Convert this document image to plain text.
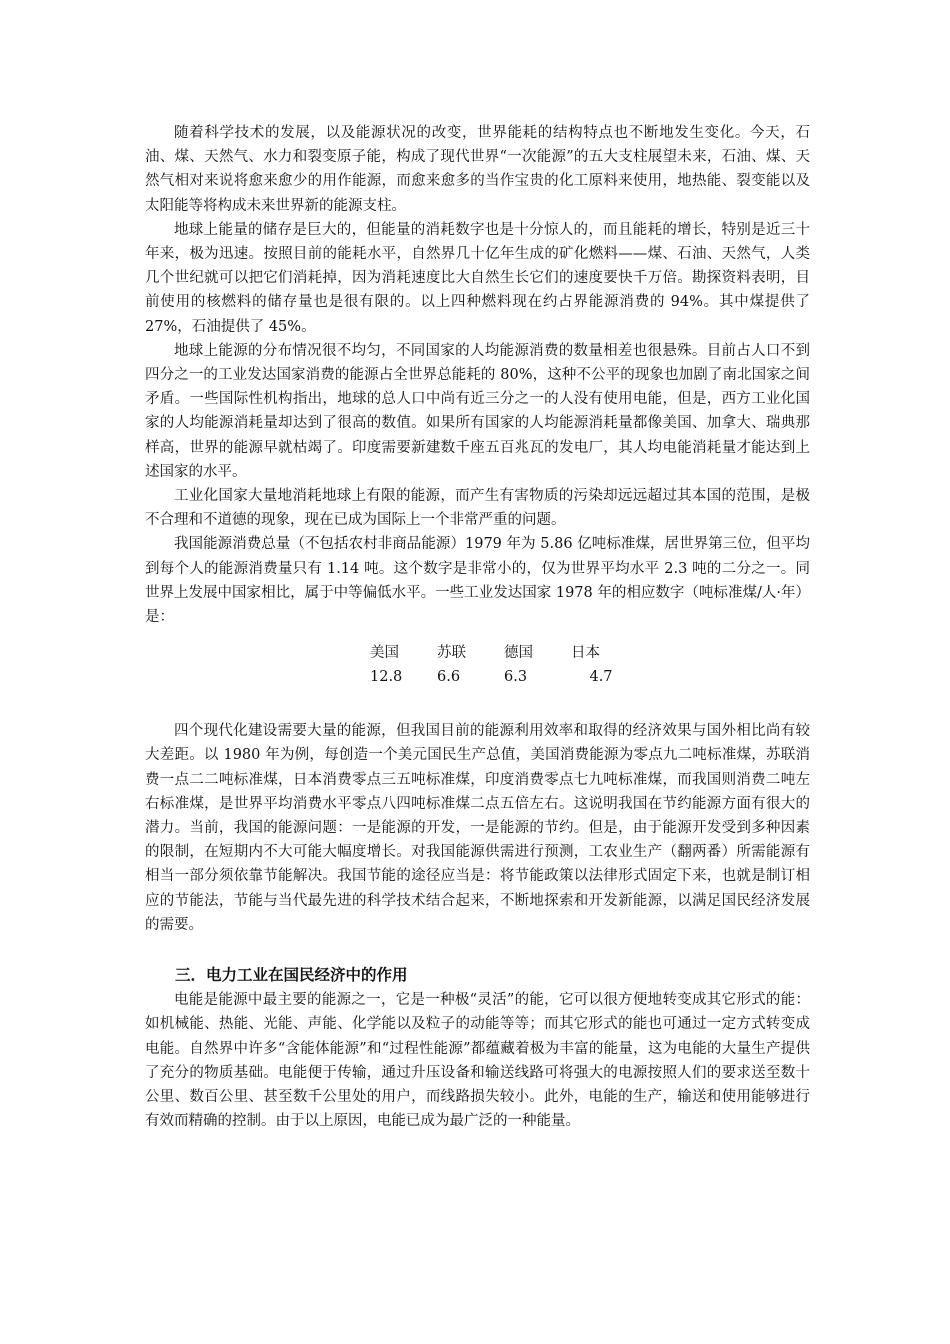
随着科学技术的发展，以及能源状况的改变，世界能耗的结构特点也不断地发生变化。今天，石油、煤、天然气、水力和裂变原子能，构成了现代世界“一次能源”的五大支柱展望未来，石油、煤、天然气相对来说将愈来愈少的用作能源，而愈来愈多的当作宝贵的化工原料来使用，地热能、裂变能以及太阳能等将构成未来世界新的能源支柱。

地球上能量的储存是巨大的，但能量的消耗数字也是十分惊人的，而且能耗的增长，特别是近三十年来，极为迅速。按照目前的能耗水平，自然界几十亿年生成的矿化燃料——煤、石油、天然气，人类几个世纪就可以把它们消耗掉，因为消耗速度比大自然生长它们的速度要快千万倍。勘探资料表明，目前使用的核燃料的储存量也是很有限的。以上四种燃料现在约占界能源消费的 94%。其中煤提供了 27%，石油提供了 45%。

地球上能源的分布情况很不均匀，不同国家的人均能源消费的数量相差也很悬殊。目前占人口不到四分之一的工业发达国家消费的能源占全世界总能耗的 80%，这种不公平的现象也加剧了南北国家之间矛盾。一些国际性机构指出，地球的总人口中尚有近三分之一的人没有使用电能，但是，西方工业化国家的人均能源消耗量却达到了很高的数值。如果所有国家的人均能源消耗量都像美国、加拿大、瑞典那样高，世界的能源早就枯竭了。印度需要新建数千座五百兆瓦的发电厂，其人均电能消耗量才能达到上述国家的水平。

工业化国家大量地消耗地球上有限的能源，而产生有害物质的污染却远远超过其本国的范围，是极不合理和不道德的现象，现在已成为国际上一个非常严重的问题。

我国能源消费总量（不包括农村非商品能源）1979 年为 5.86 亿吨标准煤，居世界第三位，但平均到每个人的能源消费量只有 1.14 吨。这个数字是非常小的，仅为世界平均水平 2.3 吨的二分之一。同世界上发展中国家相比，属于中等偏低水平。一些工业发达国家 1978 年的相应数字（吨标准煤/人·年）是：

美国	苏联	德国	日本
12.8	6.6	6.3	4.7

四个现代化建设需要大量的能源，但我国目前的能源利用效率和取得的经济效果与国外相比尚有较大差距。以 1980 年为例，每创造一个美元国民生产总值，美国消费能源为零点九二吨标准煤，苏联消费一点二二吨标准煤，日本消费零点三五吨标准煤，印度消费零点七九吨标准煤，而我国则消费二吨左右标准煤，是世界平均消费水平零点八四吨标准煤二点五倍左右。这说明我国在节约能源方面有很大的潜力。当前，我国的能源问题：一是能源的开发，一是能源的节约。但是，由于能源开发受到多种因素的限制，在短期内不大可能大幅度增长。对我国能源供需进行预测，工农业生产（翻两番）所需能源有相当一部分须依靠节能解决。我国节能的途径应当是：将节能政策以法律形式固定下来，也就是制订相应的节能法，节能与当代最先进的科学技术结合起来，不断地探索和开发新能源，以满足国民经济发展的需要。

三．电力工业在国民经济中的作用

电能是能源中最主要的能源之一，它是一种极“灵活”的能，它可以很方便地转变成其它形式的能：如机械能、热能、光能、声能、化学能以及粒子的动能等等；而其它形式的能也可通过一定方式转变成电能。自然界中许多“含能体能源”和“过程性能源”都蕴藏着极为丰富的能量，这为电能的大量生产提供了充分的物质基础。电能便于传输，通过升压设备和输送线路可将强大的电源按照人们的要求送至数十公里、数百公里、甚至数千公里处的用户，而线路损失较小。此外，电能的生产，输送和使用能够进行有效而精确的控制。由于以上原因，电能已成为最广泛的一种能量。
